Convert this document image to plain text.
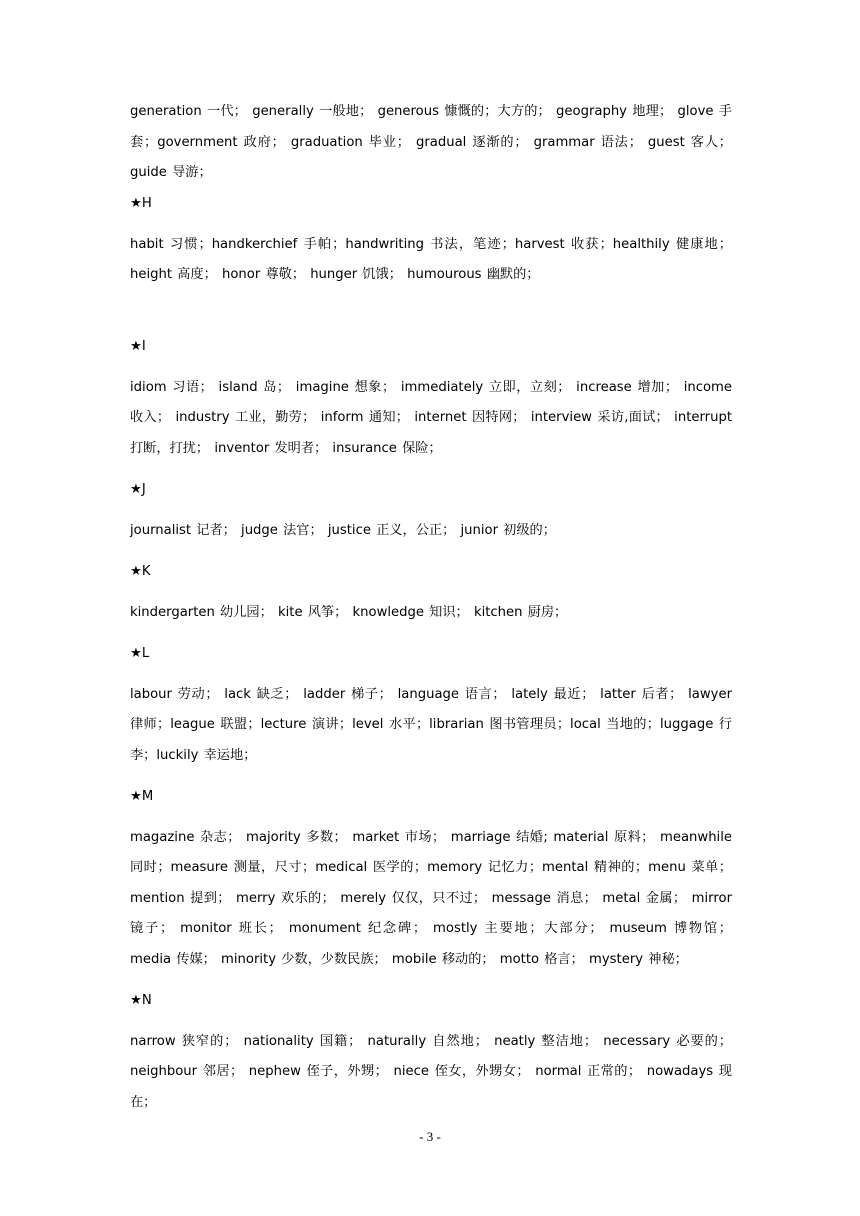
generation 一代； generally 一般地； generous 慷慨的；大方的； geography 地理； glove 手套；government 政府； graduation 毕业； gradual 逐渐的； grammar 语法； guest 客人； guide 导游；

★H

habit 习惯；handkerchief 手帕；handwriting 书法，笔迹；harvest 收获；healthily 健康地；height 高度； honor 尊敬； hunger 饥饿； humourous 幽默的；

★I

idiom 习语； island 岛； imagine 想象； immediately 立即，立刻； increase 增加； income 收入； industry 工业，勤劳； inform 通知； internet 因特网； interview 采访,面试； interrupt 打断，打扰； inventor 发明者； insurance 保险；

★J

journalist 记者； judge 法官； justice 正义，公正； junior 初级的；

★K

kindergarten 幼儿园； kite 风筝； knowledge 知识； kitchen 厨房；

★L

labour 劳动； lack 缺乏； ladder 梯子； language 语言； lately 最近； latter 后者； lawyer 律师；league 联盟；lecture 演讲；level 水平；librarian 图书管理员；local 当地的；luggage 行李；luckily 幸运地；

★M

magazine 杂志； majority 多数； market 市场； marriage 结婚; material 原料； meanwhile 同时；measure 测量，尺寸；medical 医学的；memory 记忆力；mental 精神的；menu 菜单；mention 提到； merry 欢乐的； merely 仅仅，只不过； message 消息； metal 金属； mirror 镜子； monitor 班长； monument 纪念碑； mostly 主要地；大部分； museum 博物馆； media 传媒； minority 少数，少数民族； mobile 移动的； motto 格言； mystery 神秘；

★N

narrow 狭窄的； nationality 国籍； naturally 自然地； neatly 整洁地； necessary 必要的；neighbour 邻居； nephew 侄子，外甥； niece 侄女，外甥女； normal 正常的； nowadays 现在；

- 3 -
